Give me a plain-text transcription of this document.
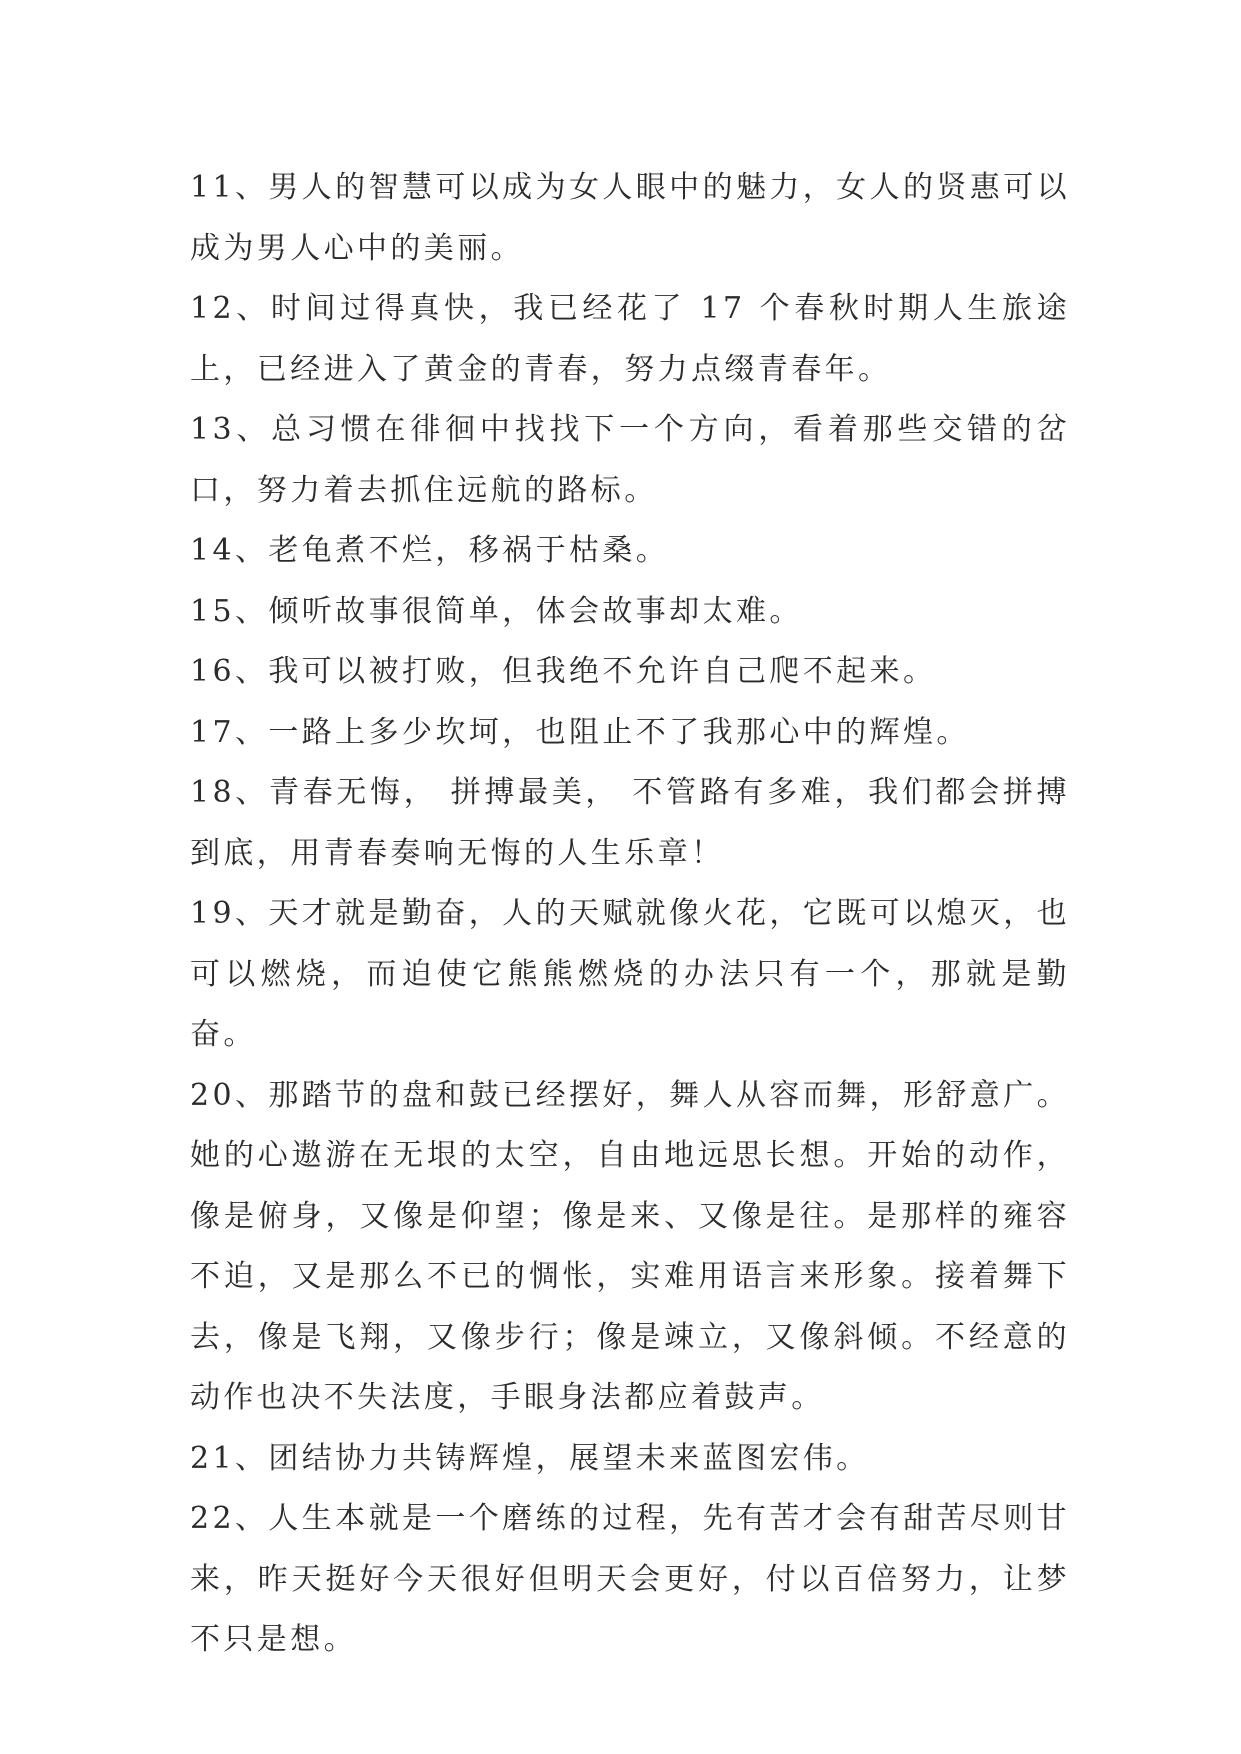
11、男人的智慧可以成为女人眼中的魅力，女人的贤惠可以成为男人心中的美丽。

12、时间过得真快，我已经花了 17 个春秋时期人生旅途上，已经进入了黄金的青春，努力点缀青春年。

13、总习惯在徘徊中找找下一个方向，看着那些交错的岔口，努力着去抓住远航的路标。

14、老龟煮不烂，移祸于枯桑。

15、倾听故事很简单，体会故事却太难。

16、我可以被打败，但我绝不允许自己爬不起来。

17、一路上多少坎坷，也阻止不了我那心中的辉煌。

18、青春无悔， 拼搏最美， 不管路有多难，我们都会拼搏到底，用青春奏响无悔的人生乐章！

19、天才就是勤奋，人的天赋就像火花，它既可以熄灭，也可以燃烧，而迫使它熊熊燃烧的办法只有一个，那就是勤奋。

20、那踏节的盘和鼓已经摆好，舞人从容而舞，形舒意广。她的心遨游在无垠的太空，自由地远思长想。开始的动作，像是俯身，又像是仰望；像是来、又像是往。是那样的雍容不迫，又是那么不已的惆怅，实难用语言来形象。接着舞下去，像是飞翔，又像步行；像是竦立，又像斜倾。不经意的动作也决不失法度，手眼身法都应着鼓声。

21、团结协力共铸辉煌，展望未来蓝图宏伟。

22、人生本就是一个磨练的过程，先有苦才会有甜苦尽则甘来，昨天挺好今天很好但明天会更好，付以百倍努力，让梦不只是想。
